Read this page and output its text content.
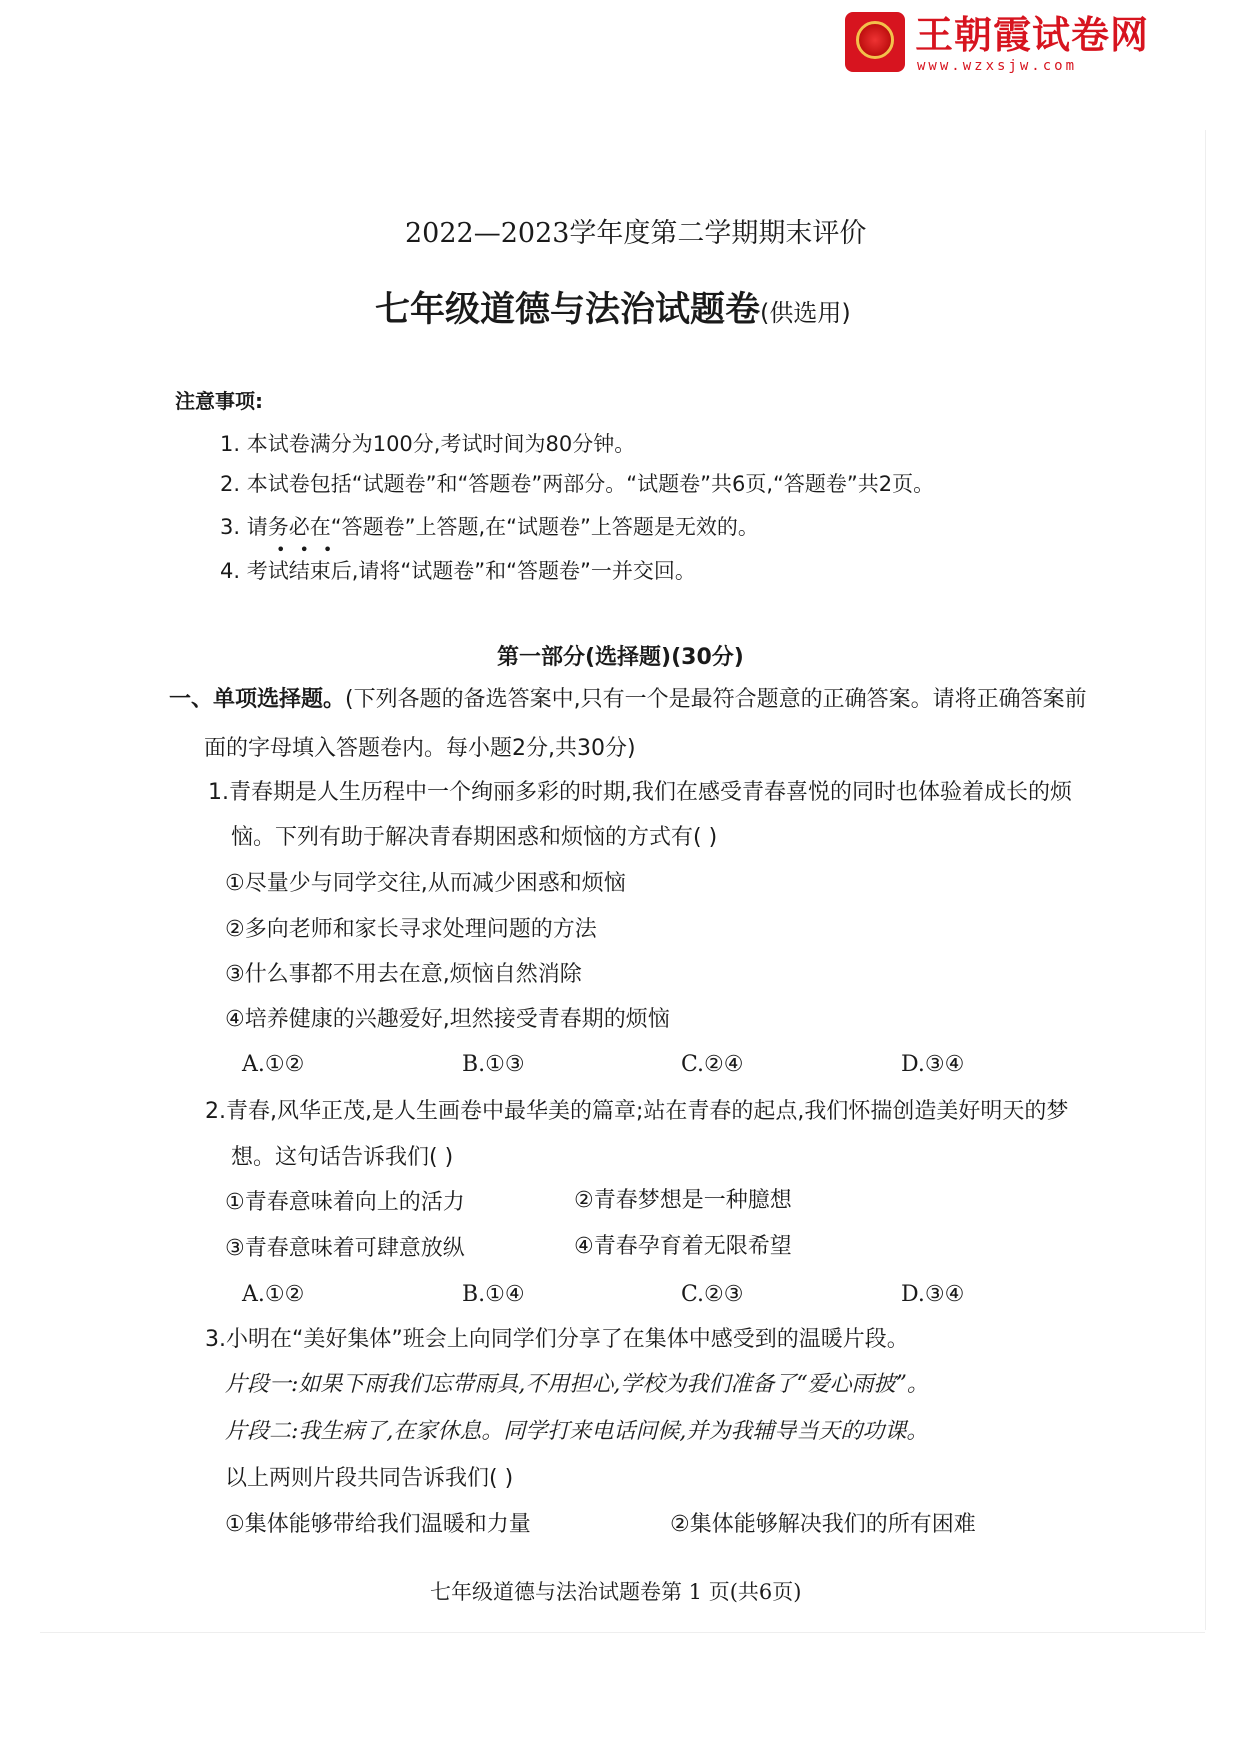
王朝霞试卷网
www.wzxsjw.com
2022—2023学年度第二学期期末评价
七年级道德与法治试题卷(供选用)
注意事项:
1. 本试卷满分为100分,考试时间为80分钟。
2. 本试卷包括“试题卷”和“答题卷”两部分。“试题卷”共6页,“答题卷”共2页。
3. 请务必在“答题卷”上答题,在“试题卷”上答题是无效的。
•••
4. 考试结束后,请将“试题卷”和“答题卷”一并交回。
第一部分(选择题)(30分)
一、单项选择题。(下列各题的备选答案中,只有一个是最符合题意的正确答案。请将正确答案前
面的字母填入答题卷内。每小题2分,共30分)
1.青春期是人生历程中一个绚丽多彩的时期,我们在感受青春喜悦的同时也体验着成长的烦
恼。下列有助于解决青春期困惑和烦恼的方式有( )
①尽量少与同学交往,从而减少困惑和烦恼
②多向老师和家长寻求处理问题的方法
③什么事都不用去在意,烦恼自然消除
④培养健康的兴趣爱好,坦然接受青春期的烦恼
A.①②	B.①③	C.②④	D.③④
2.青春,风华正茂,是人生画卷中最华美的篇章;站在青春的起点,我们怀揣创造美好明天的梦
想。这句话告诉我们( )
①青春意味着向上的活力	②青春梦想是一种臆想
③青春意味着可肆意放纵	④青春孕育着无限希望
A.①②	B.①④	C.②③	D.③④
3.小明在“美好集体”班会上向同学们分享了在集体中感受到的温暖片段。
片段一:如果下雨我们忘带雨具,不用担心,学校为我们准备了“爱心雨披”。
片段二:我生病了,在家休息。同学打来电话问候,并为我辅导当天的功课。
以上两则片段共同告诉我们( )
①集体能够带给我们温暖和力量	②集体能够解决我们的所有困难
七年级道德与法治试题卷第 1 页(共6页)
